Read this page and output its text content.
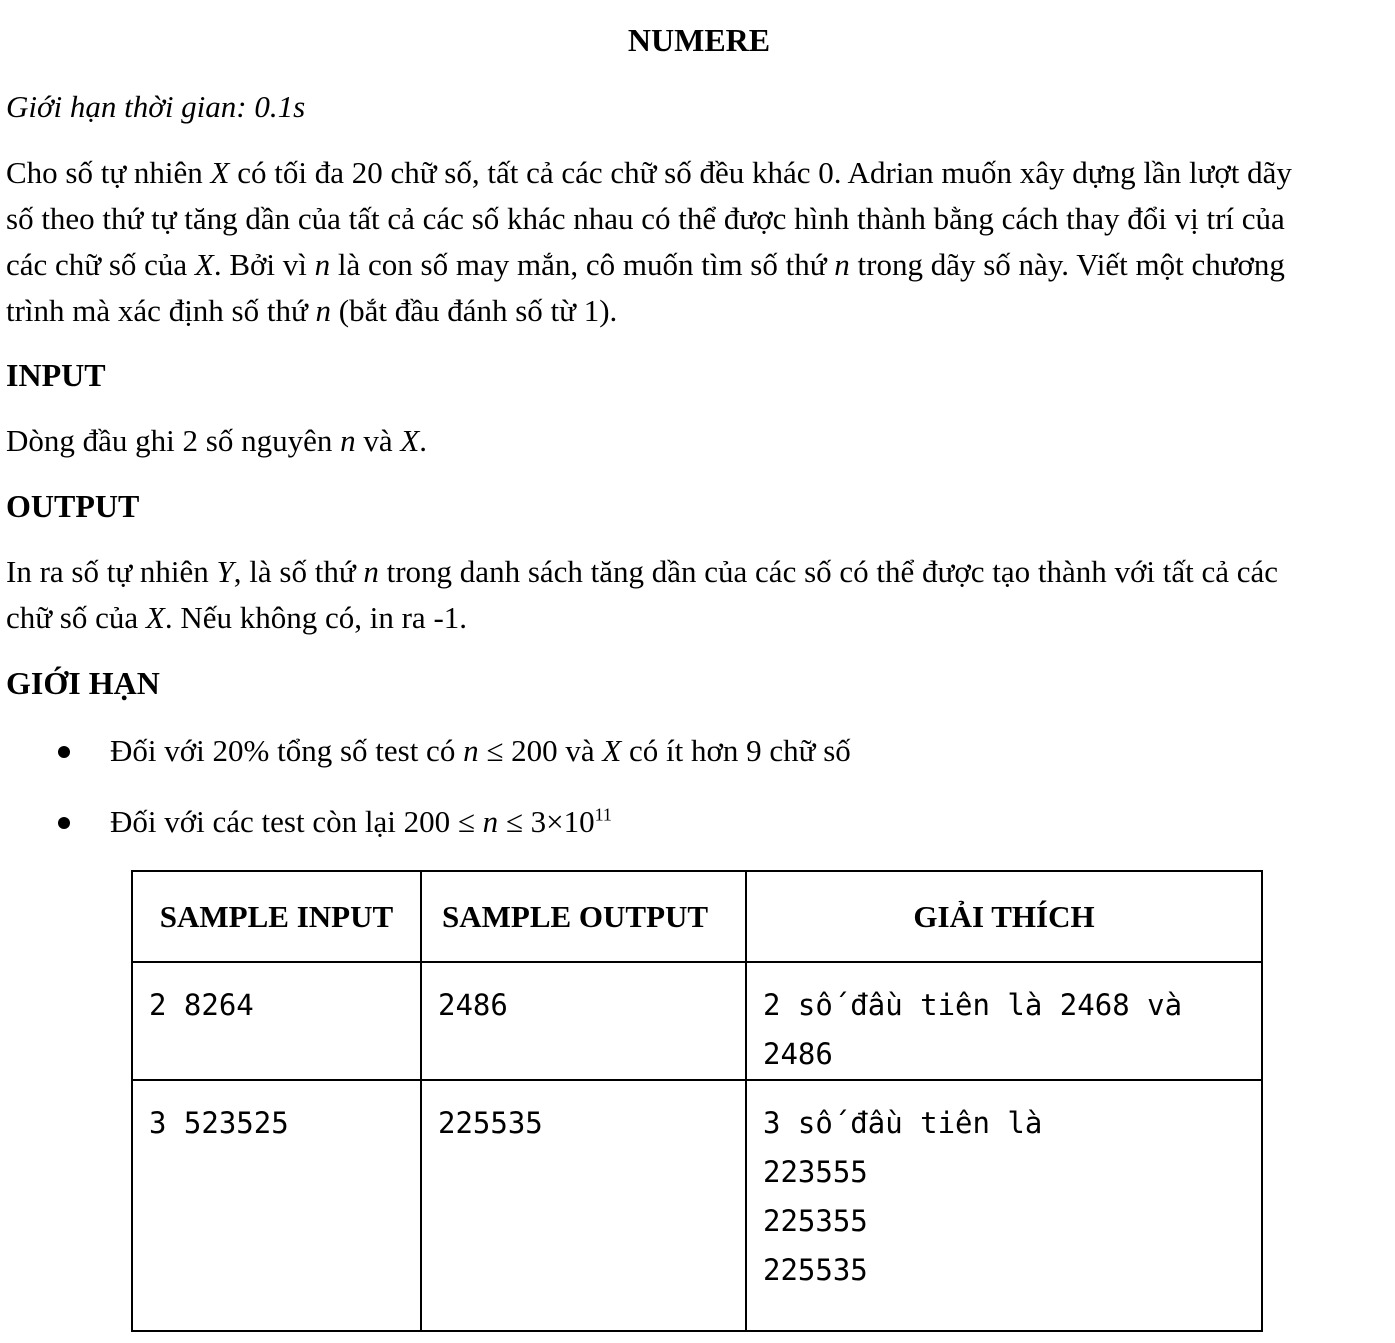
NUMERE
Giới hạn thời gian: 0.1s
Cho số tự nhiên X có tối đa 20 chữ số, tất cả các chữ số đều khác 0. Adrian muốn xây dựng lần lượt dãy
số theo thứ tự tăng dần của tất cả các số khác nhau có thể được hình thành bằng cách thay đổi vị trí của
các chữ số của X. Bởi vì n là con số may mắn, cô muốn tìm số thứ n trong dãy số này. Viết một chương
trình mà xác định số thứ n (bắt đầu đánh số từ 1).
INPUT
Dòng đầu ghi 2 số nguyên n và X.
OUTPUT
In ra số tự nhiên Y, là số thứ n trong danh sách tăng dần của các số có thể được tạo thành với tất cả các
chữ số của X. Nếu không có, in ra -1.
GIỚI HẠN
Đối với 20% tổng số test có n ≤ 200 và X có ít hơn 9 chữ số
Đối với các test còn lại $200 \le n \le 3\times 10^{11}$
SAMPLE INPUT	SAMPLE OUTPUT	GIẢI THÍCH
2 8264	2486	2 số đầu tiên là 2468 và 2486

3 523525	225535	3 số đầu tiên là
223555
225355
225535
